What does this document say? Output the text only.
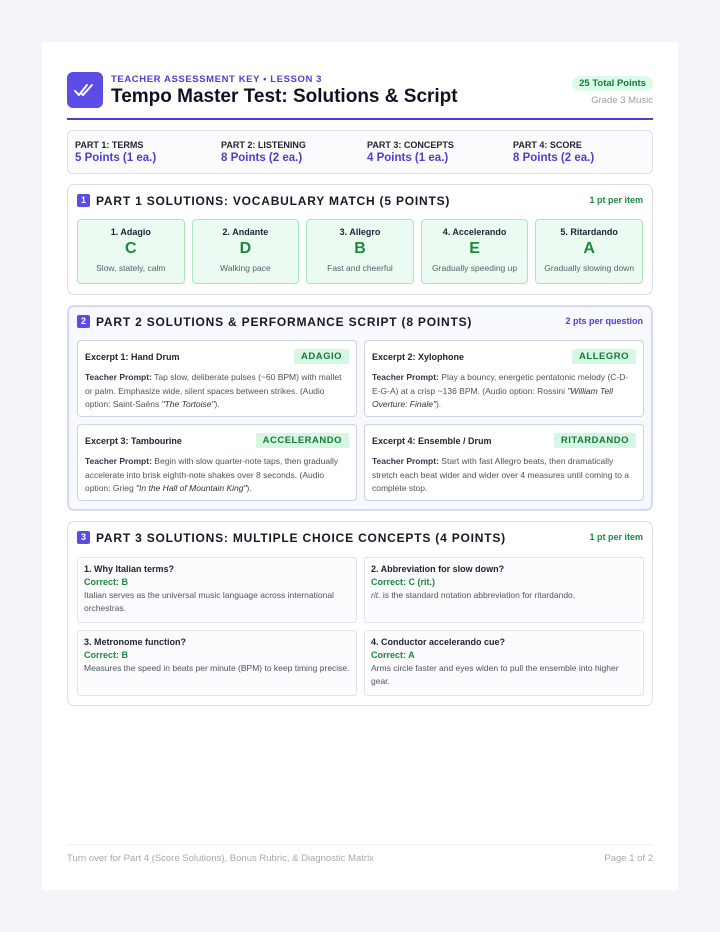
TEACHER ASSESSMENT KEY • LESSON 3
Tempo Master Test: Solutions & Script
25 Total Points
Grade 3 Music
PART 1: TERMS
5 Points (1 ea.)
PART 2: LISTENING
8 Points (2 ea.)
PART 3: CONCEPTS
4 Points (1 ea.)
PART 4: SCORE
8 Points (2 ea.)
1 PART 1 SOLUTIONS: VOCABULARY MATCH (5 POINTS)	1 pt per item
1. Adagio
C
Slow, stately, calm
2. Andante
D
Walking pace
3. Allegro
B
Fast and cheerful
4. Accelerando
E
Gradually speeding up
5. Ritardando
A
Gradually slowing down
2 PART 2 SOLUTIONS & PERFORMANCE SCRIPT (8 POINTS)	2 pts per question
Excerpt 1: Hand Drum	ADAGIO
Teacher Prompt: Tap slow, deliberate pulses (~60 BPM) with mallet or palm. Emphasize wide, silent spaces between strikes. (Audio option: Saint-Saëns "The Tortoise").
Excerpt 2: Xylophone	ALLEGRO
Teacher Prompt: Play a bouncy, energetic pentatonic melody (C-D-E-G-A) at a crisp ~136 BPM. (Audio option: Rossini "William Tell Overture: Finale").
Excerpt 3: Tambourine	ACCELERANDO
Teacher Prompt: Begin with slow quarter-note taps, then gradually accelerate into brisk eighth-note shakes over 8 seconds. (Audio option: Grieg "In the Hall of Mountain King").
Excerpt 4: Ensemble / Drum	RITARDANDO
Teacher Prompt: Start with fast Allegro beats, then dramatically stretch each beat wider and wider over 4 measures until coming to a complete stop.
3 PART 3 SOLUTIONS: MULTIPLE CHOICE CONCEPTS (4 POINTS)	1 pt per item
1. Why Italian terms?
Correct: B
Italian serves as the universal music language across international orchestras.
2. Abbreviation for slow down?
Correct: C (rit.)
rit. is the standard notation abbreviation for ritardando.
3. Metronome function?
Correct: B
Measures the speed in beats per minute (BPM) to keep timing precise.
4. Conductor accelerando cue?
Correct: A
Arms circle faster and eyes widen to pull the ensemble into higher gear.
Turn over for Part 4 (Score Solutions), Bonus Rubric, & Diagnostic Matrix	Page 1 of 2
